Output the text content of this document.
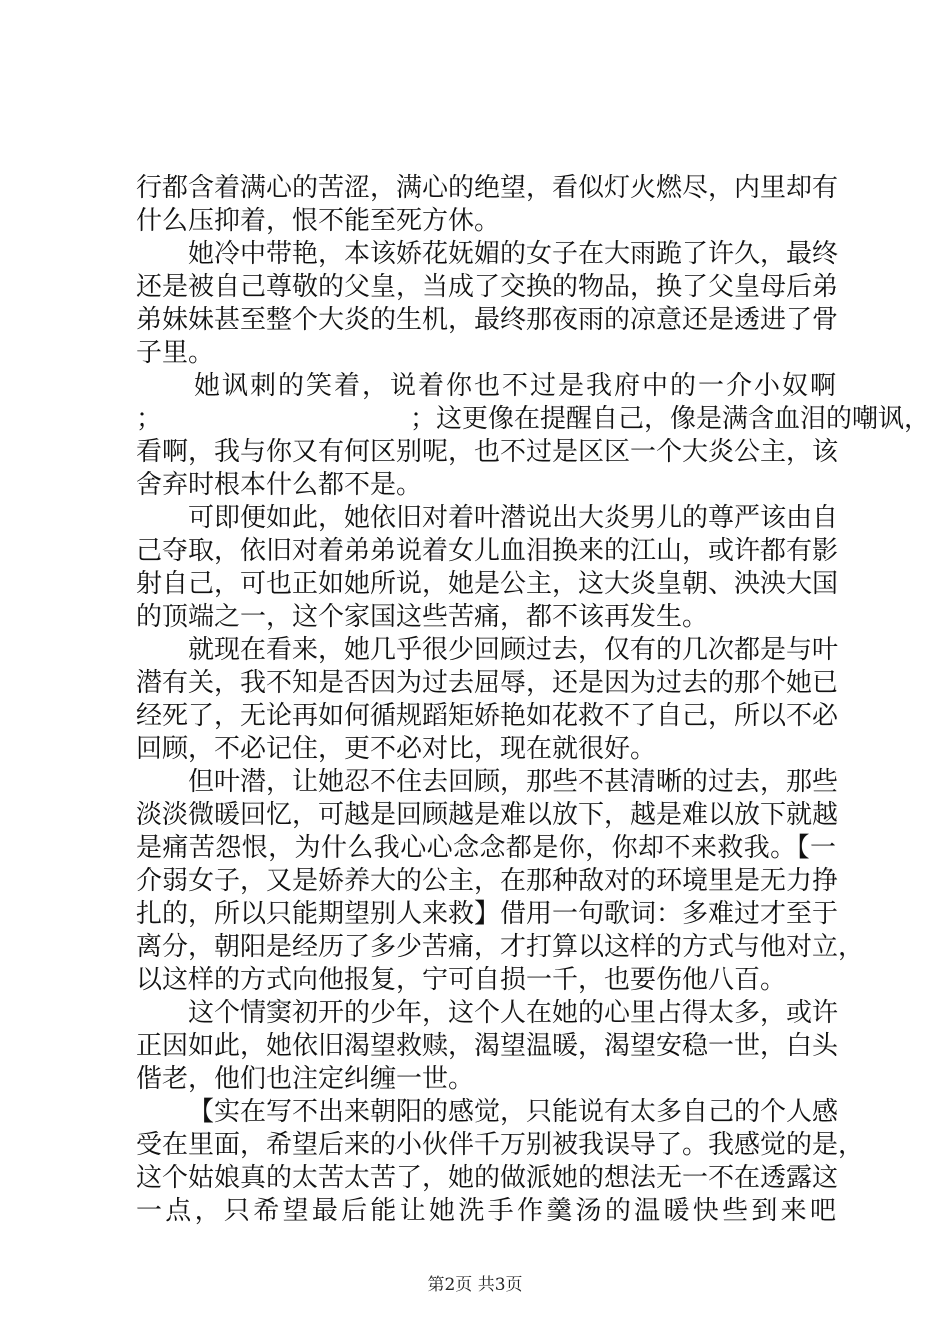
行都含着满心的苦涩，满心的绝望，看似灯火燃尽，内里却有
什么压抑着，恨不能至死方休。
她冷中带艳，本该娇花妩媚的女子在大雨跪了许久，最终
还是被自己尊敬的父皇，当成了交换的物品，换了父皇母后弟
弟妹妹甚至整个大炎的生机，最终那夜雨的凉意还是透进了骨
子里。
她讽刺的笑着，说着你也不过是我府中的一介小奴啊
；                              ；这更像在提醒自己，像是满含血泪的嘲讽，
看啊，我与你又有何区别呢，也不过是区区一个大炎公主，该
舍弃时根本什么都不是。
可即便如此，她依旧对着叶潜说出大炎男儿的尊严该由自
己夺取，依旧对着弟弟说着女儿血泪换来的江山，或许都有影
射自己，可也正如她所说，她是公主，这大炎皇朝、泱泱大国
的顶端之一，这个家国这些苦痛，都不该再发生。
就现在看来，她几乎很少回顾过去，仅有的几次都是与叶
潜有关，我不知是否因为过去屈辱，还是因为过去的那个她已
经死了，无论再如何循规蹈矩娇艳如花救不了自己，所以不必
回顾，不必记住，更不必对比，现在就很好。
但叶潜，让她忍不住去回顾，那些不甚清晰的过去，那些
淡淡微暖回忆，可越是回顾越是难以放下，越是难以放下就越
是痛苦怨恨，为什么我心心念念都是你，你却不来救我。【一
介弱女子，又是娇养大的公主，在那种敌对的环境里是无力挣
扎的，所以只能期望别人来救】借用一句歌词：多难过才至于
离分，朝阳是经历了多少苦痛，才打算以这样的方式与他对立，
以这样的方式向他报复，宁可自损一千，也要伤他八百。
这个情窦初开的少年，这个人在她的心里占得太多，或许
正因如此，她依旧渴望救赎，渴望温暖，渴望安稳一世，白头
偕老，他们也注定纠缠一世。
【实在写不出来朝阳的感觉，只能说有太多自己的个人感
受在里面，希望后来的小伙伴千万别被我误导了。我感觉的是，
这个姑娘真的太苦太苦了，她的做派她的想法无一不在透露这
一点，只希望最后能让她洗手作羹汤的温暖快些到来吧
第2页 共3页
